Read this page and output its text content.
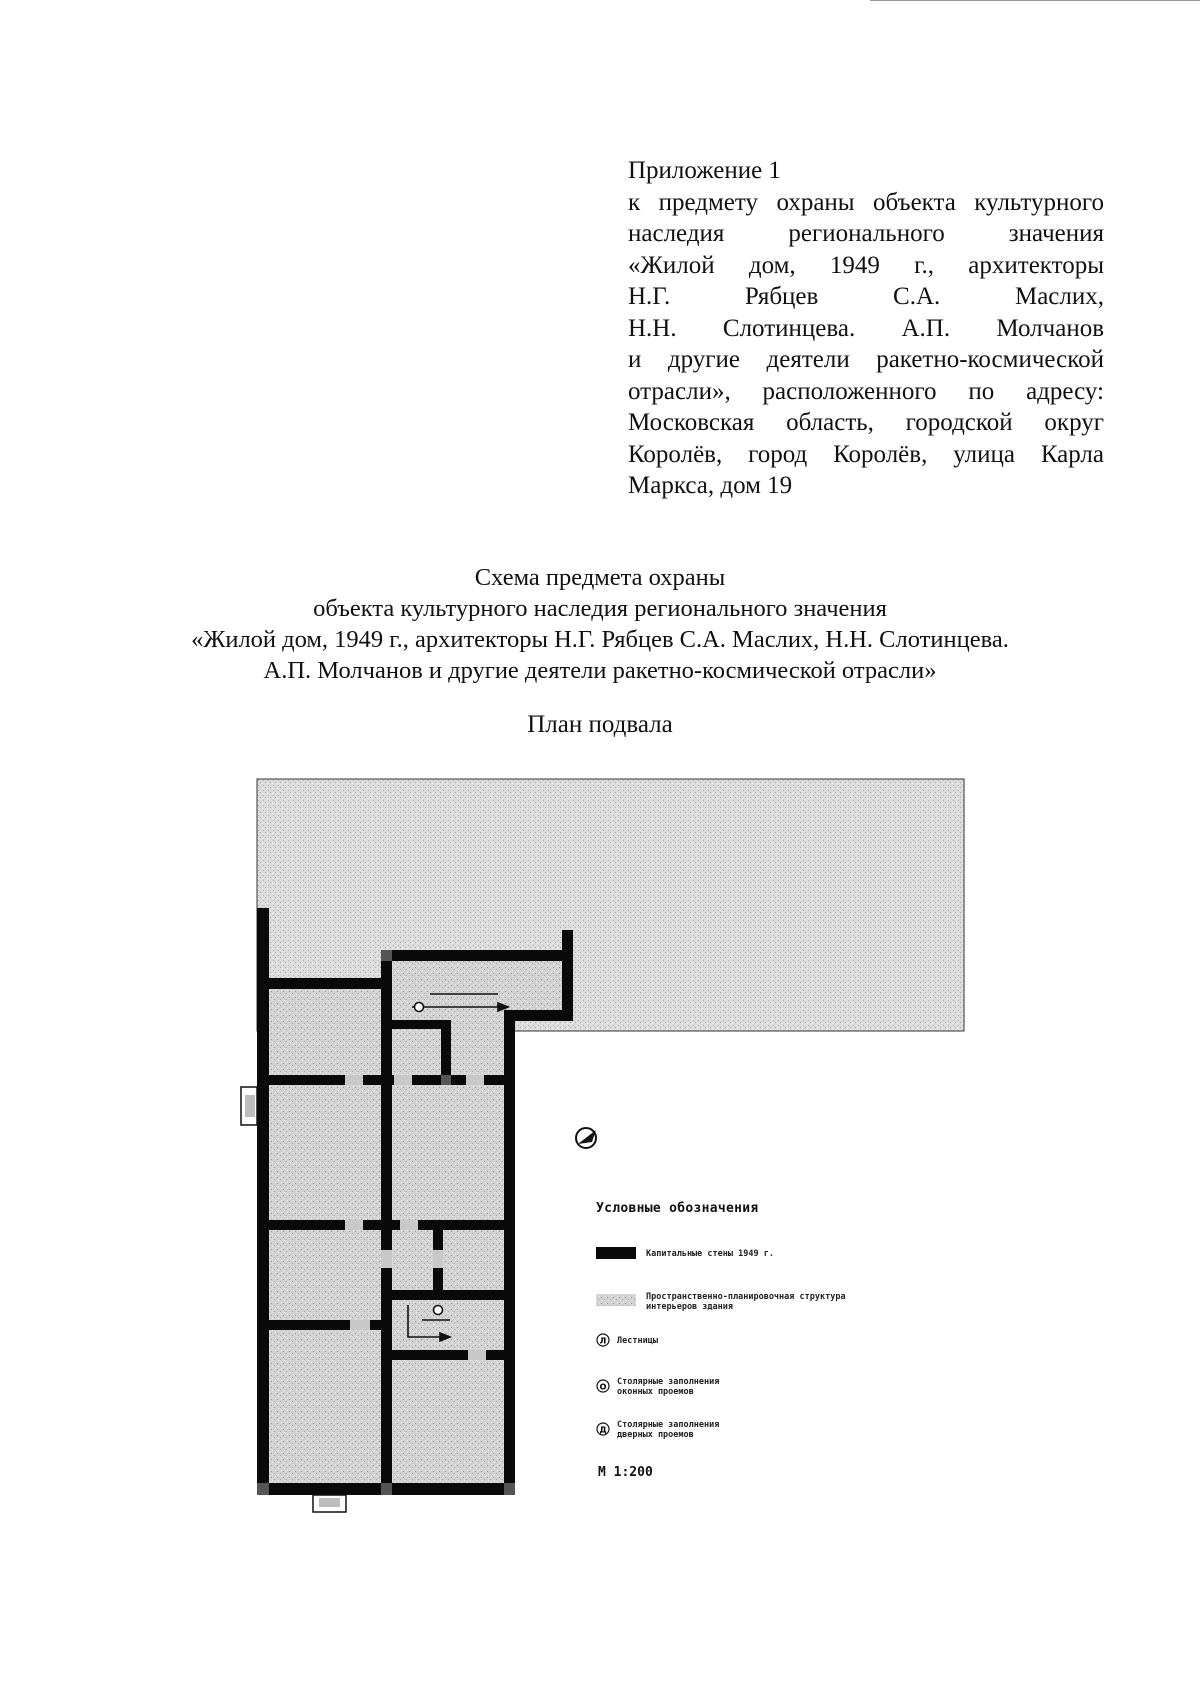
Приложение 1
к предмету охраны объекта культурного
наследия регионального значения
«Жилой дом, 1949 г., архитекторы
Н.Г. Рябцев С.А. Маслих,
Н.Н. Слотинцева. А.П. Молчанов
и другие деятели ракетно-космической
отрасли», расположенного по адресу:
Московская область, городской округ
Королёв, город Королёв, улица Карла
Маркса, дом 19
Схема предмета охраны
объекта культурного наследия регионального значения
«Жилой дом, 1949 г., архитекторы Н.Г. Рябцев С.А. Маслих, Н.Н. Слотинцева.
А.П. Молчанов и другие деятели ракетно-космической отрасли»
План подвала
Л
О
Д
Условные обозначения
Капитальные стены 1949 г.
Пространственно-планировочная структура
интерьеров здания
Лестницы
Столярные заполнения
оконных проемов
Столярные заполнения
дверных проемов
М 1:200
